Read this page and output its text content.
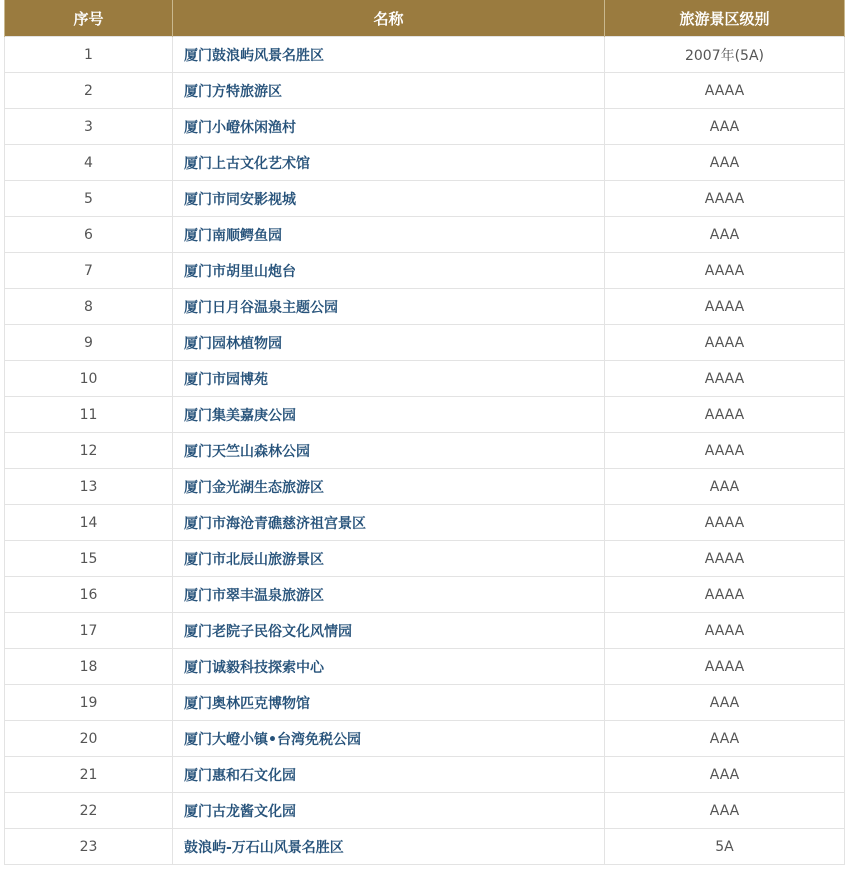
序号	名称	旅游景区级别
1	厦门鼓浪屿风景名胜区	2007年(5A)
2	厦门方特旅游区	AAAA
3	厦门小嶝休闲渔村	AAA
4	厦门上古文化艺术馆	AAA
5	厦门市同安影视城	AAAA
6	厦门南顺鳄鱼园	AAA
7	厦门市胡里山炮台	AAAA
8	厦门日月谷温泉主题公园	AAAA
9	厦门园林植物园	AAAA
10	厦门市园博苑	AAAA
11	厦门集美嘉庚公园	AAAA
12	厦门天竺山森林公园	AAAA
13	厦门金光湖生态旅游区	AAA
14	厦门市海沧青礁慈济祖宫景区	AAAA
15	厦门市北辰山旅游景区	AAAA
16	厦门市翠丰温泉旅游区	AAAA
17	厦门老院子民俗文化风情园	AAAA
18	厦门诚毅科技探索中心	AAAA
19	厦门奥林匹克博物馆	AAA
20	厦门大嶝小镇•台湾免税公园	AAA
21	厦门惠和石文化园	AAA
22	厦门古龙酱文化园	AAA
23	鼓浪屿-万石山风景名胜区	5A
